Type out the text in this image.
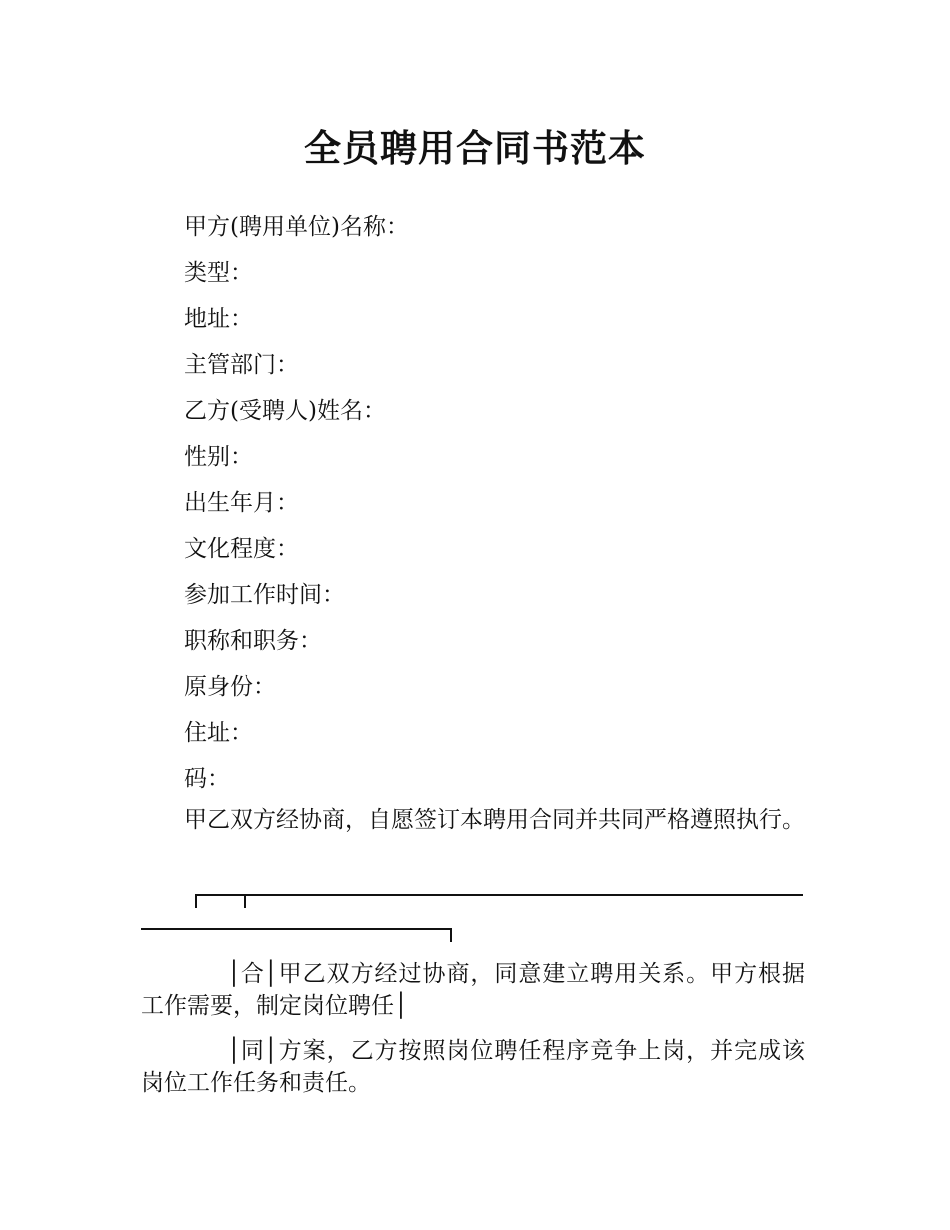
全员聘用合同书范本
甲方(聘用单位)名称：
类型：
地址：
主管部门：
乙方(受聘人)姓名：
性别：
出生年月：
文化程度：
参加工作时间：
职称和职务：
原身份：
住址：
码：

甲乙双方经协商，自愿签订本聘用合同并共同严格遵照执行。

│合│甲乙双方经过协商，同意建立聘用关系。甲方根据工作需要，制定岗位聘任│

│同│方案，乙方按照岗位聘任程序竞争上岗，并完成该岗位工作任务和责任。
